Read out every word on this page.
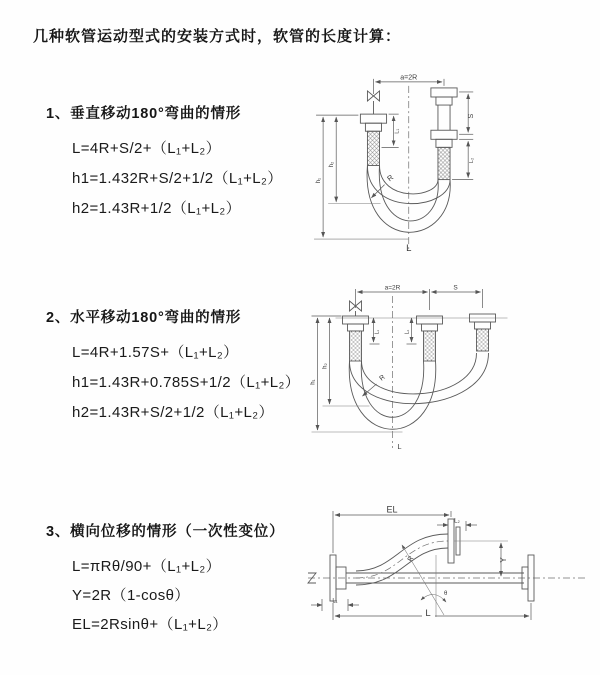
几种软管运动型式的安装方式时，软管的长度计算：
1、垂直移动180°弯曲的情形
L=4R+S/2+（L₁+L₂）
h1=1.432R+S/2+1/2（L₁+L₂）
h2=1.43R+1/2（L₁+L₂）
2、水平移动180°弯曲的情形
L=4R+1.57S+（L₁+L₂）
h1=1.43R+0.785S+1/2（L₁+L₂）
h2=1.43R+S/2+1/2（L₁+L₂）
3、横向位移的情形（一次性变位）
L=πRθ/90+（L₁+L₂）
Y=2R（1-cosθ）
EL=2Rsinθ+（L₁+L₂）
a=2R
S
L₂
L₁
h₂
h₁	R
L
a=2R	S
L₁	L₂
h₂
h₁	R
L
EL
L₂
Y
R
θ
L₁
L
